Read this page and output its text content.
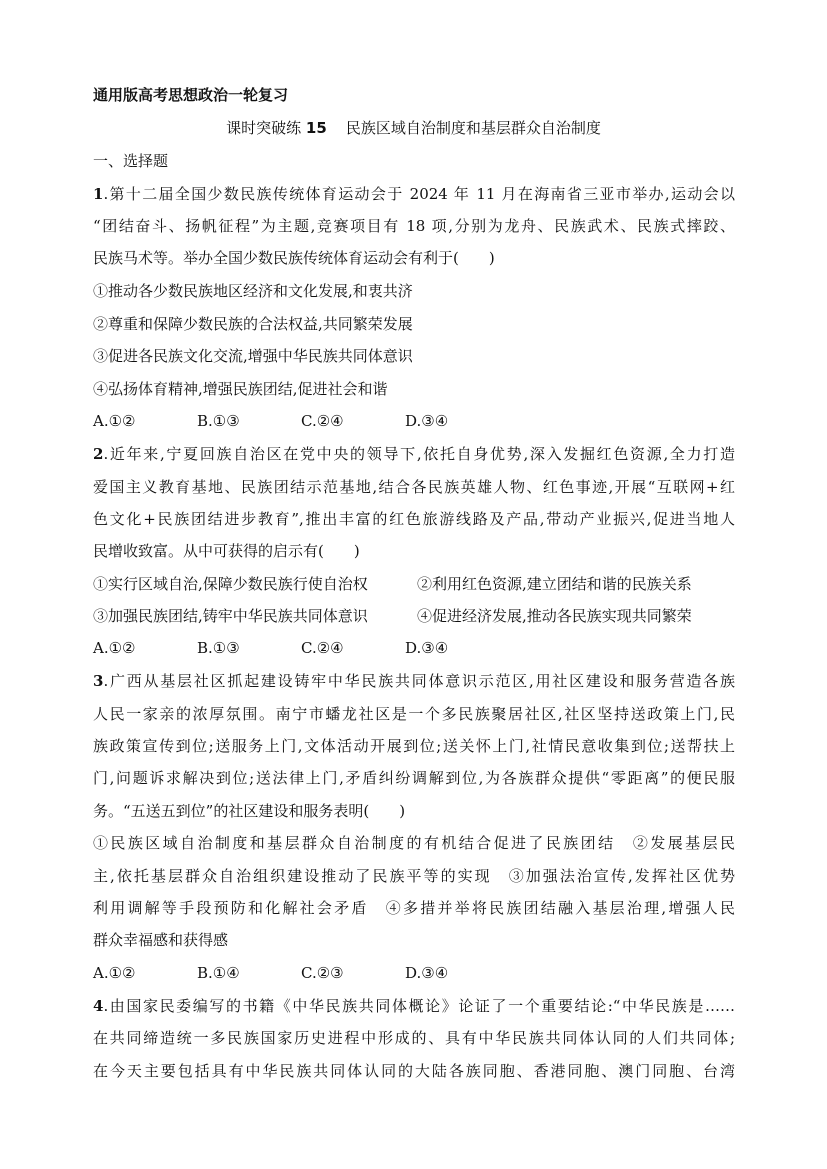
通用版高考思想政治一轮复习
课时突破练 15 民族区域自治制度和基层群众自治制度
一、选择题
1.第十二届全国少数民族传统体育运动会于 2024 年 11 月在海南省三亚市举办,运动会以
“团结奋斗、扬帆征程”为主题,竞赛项目有 18 项,分别为龙舟、民族武术、民族式摔跤、
民族马术等。举办全国少数民族传统体育运动会有利于(　　)
①推动各少数民族地区经济和文化发展,和衷共济
②尊重和保障少数民族的合法权益,共同繁荣发展
③促进各民族文化交流,增强中华民族共同体意识
④弘扬体育精神,增强民族团结,促进社会和谐
A.①②	B.①③	C.②④	D.③④
2.近年来,宁夏回族自治区在党中央的领导下,依托自身优势,深入发掘红色资源,全力打造
爱国主义教育基地、民族团结示范基地,结合各民族英雄人物、红色事迹,开展“互联网+红
色文化+民族团结进步教育”,推出丰富的红色旅游线路及产品,带动产业振兴,促进当地人
民增收致富。从中可获得的启示有(　　)
①实行区域自治,保障少数民族行使自治权	②利用红色资源,建立团结和谐的民族关系
③加强民族团结,铸牢中华民族共同体意识	④促进经济发展,推动各民族实现共同繁荣
A.①②	B.①③	C.②④	D.③④
3.广西从基层社区抓起建设铸牢中华民族共同体意识示范区,用社区建设和服务营造各族
人民一家亲的浓厚氛围。南宁市蟠龙社区是一个多民族聚居社区,社区坚持送政策上门,民
族政策宣传到位;送服务上门,文体活动开展到位;送关怀上门,社情民意收集到位;送帮扶上
门,问题诉求解决到位;送法律上门,矛盾纠纷调解到位,为各族群众提供“零距离”的便民服
务。“五送五到位”的社区建设和服务表明(　　)
①民族区域自治制度和基层群众自治制度的有机结合促进了民族团结　②发展基层民
主,依托基层群众自治组织建设推动了民族平等的实现　③加强法治宣传,发挥社区优势
利用调解等手段预防和化解社会矛盾　④多措并举将民族团结融入基层治理,增强人民
群众幸福感和获得感
A.①②	B.①④	C.②③	D.③④
4.由国家民委编写的书籍《中华民族共同体概论》论证了一个重要结论:“中华民族是……
在共同缔造统一多民族国家历史进程中形成的、具有中华民族共同体认同的人们共同体;
在今天主要包括具有中华民族共同体认同的大陆各族同胞、香港同胞、澳门同胞、台湾
